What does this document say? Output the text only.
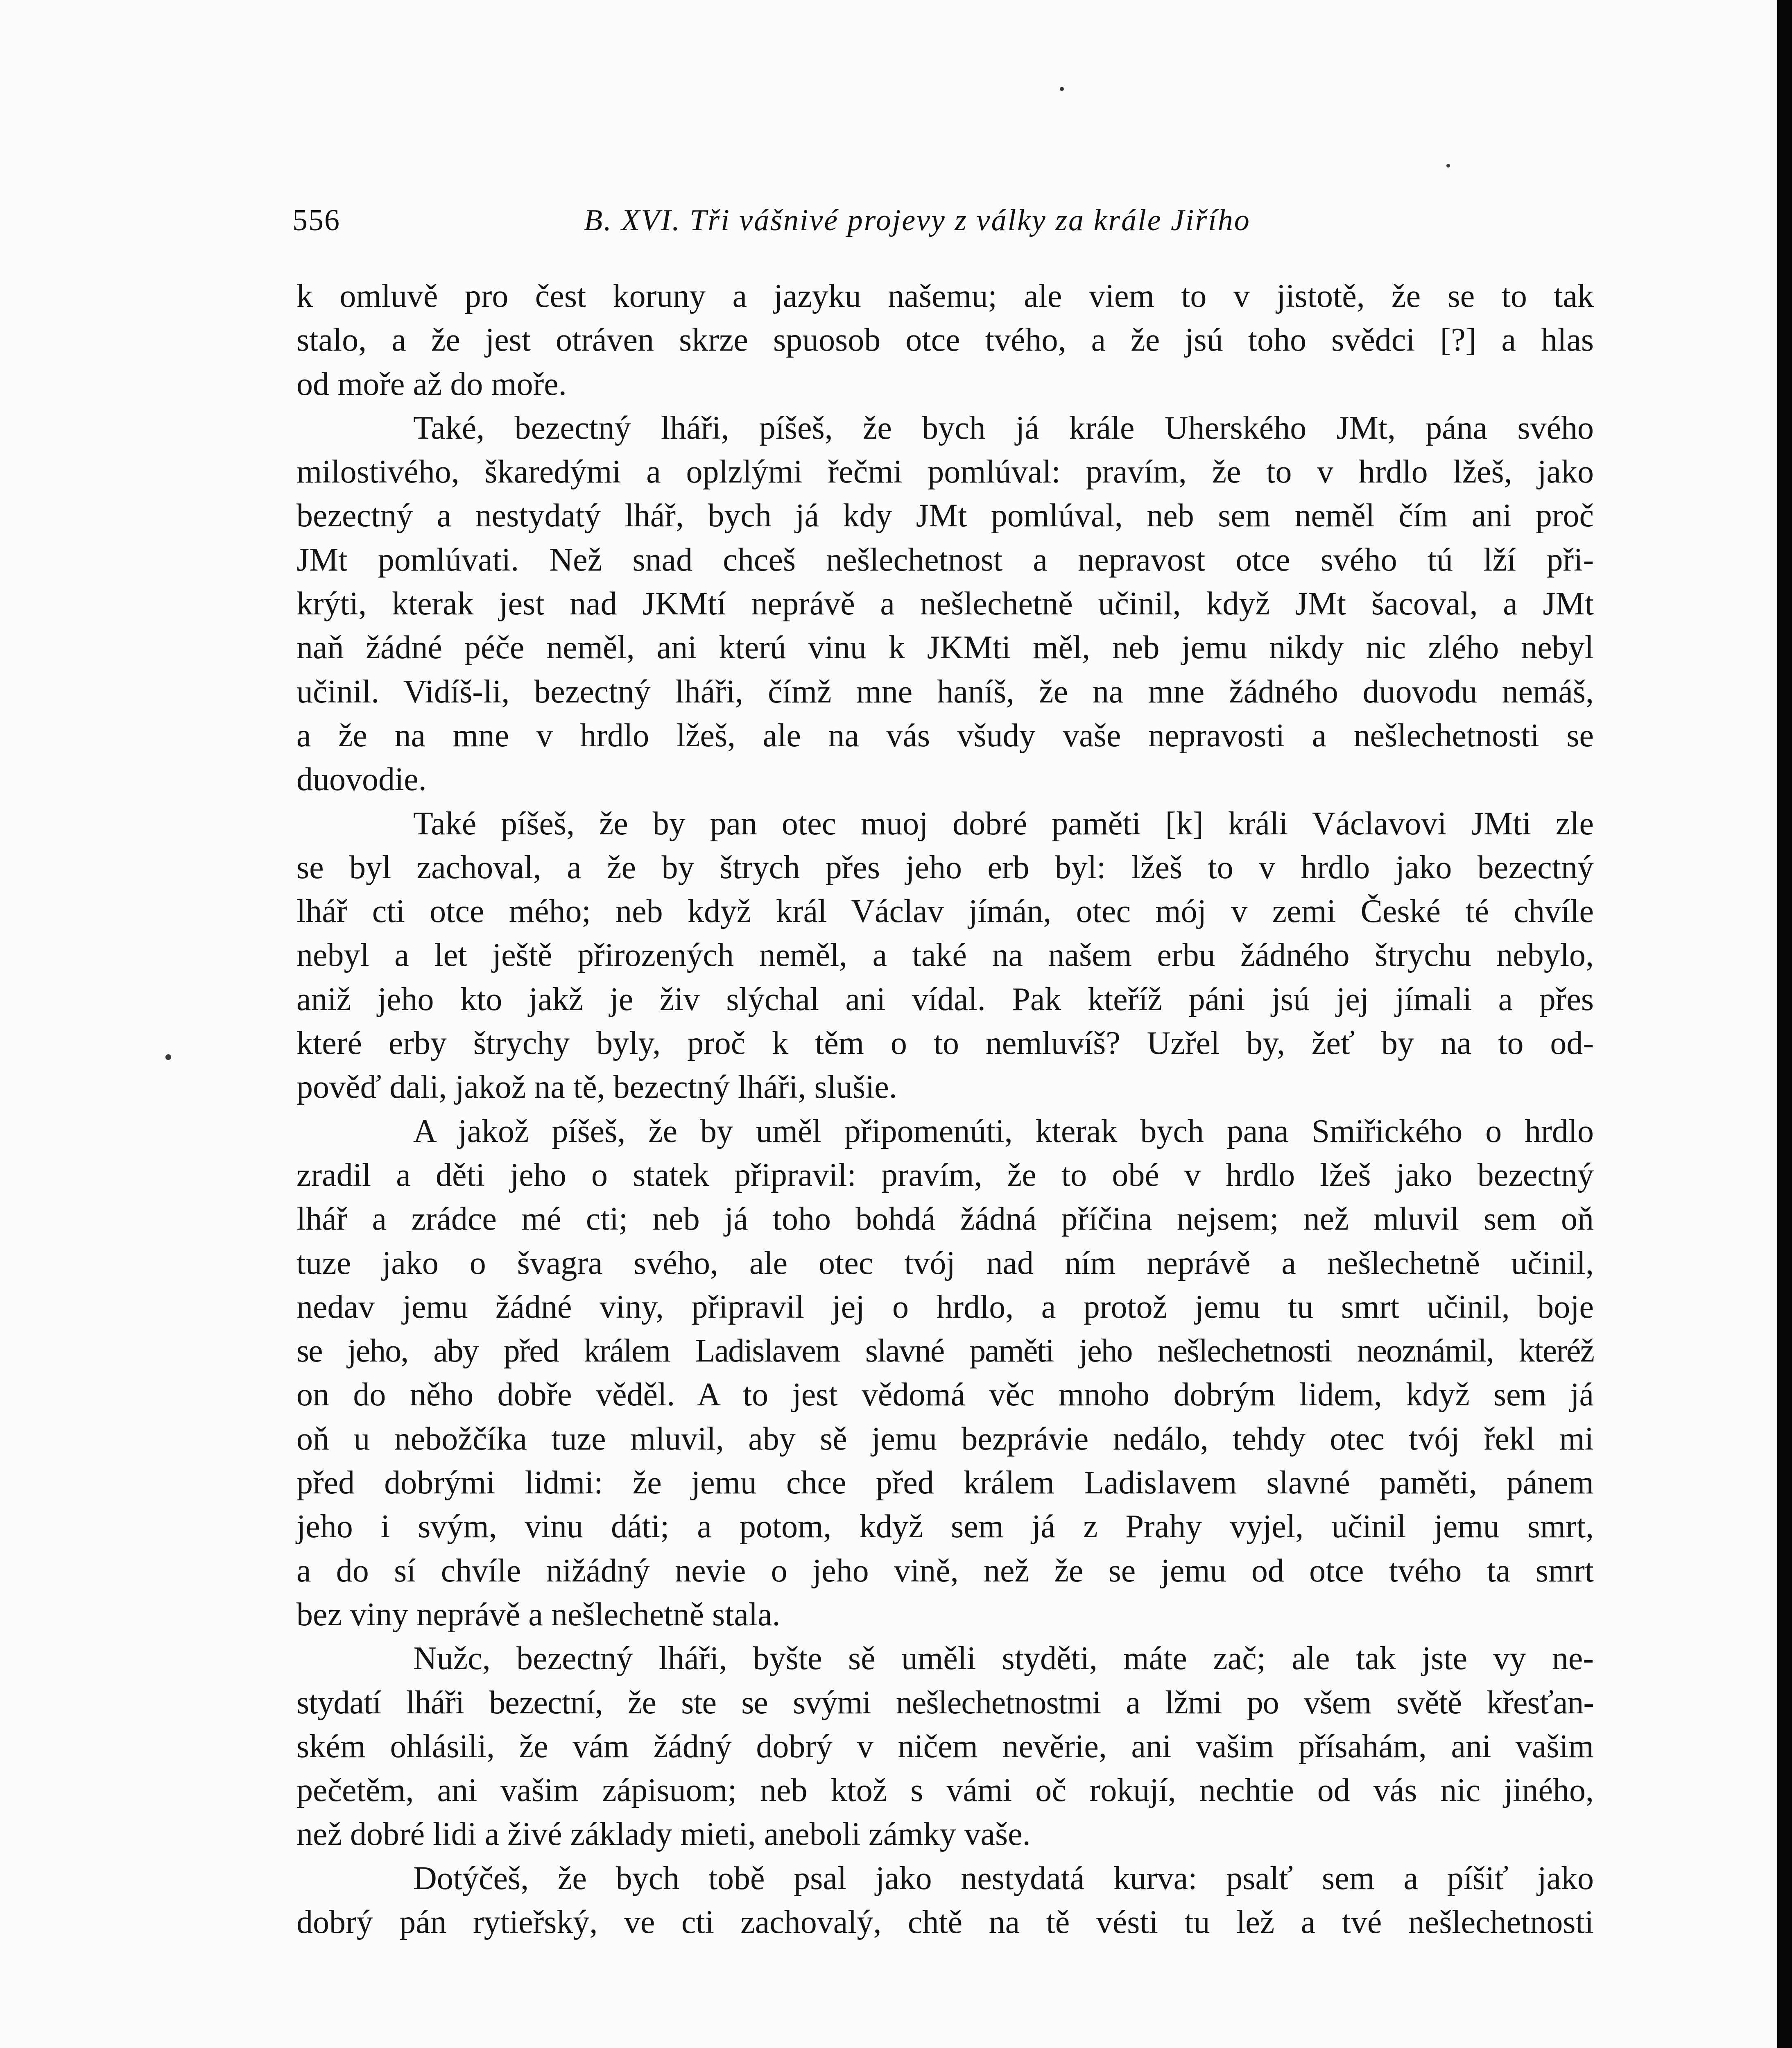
556	B. XVI. Tři vášnivé projevy z války za krále Jiřího
k omluvě pro čest koruny a jazyku našemu; ale viem to v jistotě, že se to tak
stalo, a že jest otráven skrze spuosob otce tvého, a že jsú toho svědci [?] a hlas
od moře až do moře.
Také, bezectný lháři, píšeš, že bych já krále Uherského JMt, pána svého
milostivého, škaredými a oplzlými řečmi pomlúval: pravím, že to v hrdlo lžeš, jako
bezectný a nestydatý lhář, bych já kdy JMt pomlúval, neb sem neměl čím ani proč
JMt pomlúvati. Než snad chceš nešlechetnost a nepravost otce svého tú lží při-
krýti, kterak jest nad JKMtí neprávě a nešlechetně učinil, když JMt šacoval, a JMt
naň žádné péče neměl, ani kterú vinu k JKMti měl, neb jemu nikdy nic zlého nebyl
učinil. Vidíš-li, bezectný lháři, čímž mne haníš, že na mne žádného duovodu nemáš,
a že na mne v hrdlo lžeš, ale na vás všudy vaše nepravosti a nešlechetnosti se
duovodie.
Také píšeš, že by pan otec muoj dobré paměti [k] králi Václavovi JMti zle
se byl zachoval, a že by štrych přes jeho erb byl: lžeš to v hrdlo jako bezectný
lhář cti otce mého; neb když král Václav jímán, otec mój v zemi České té chvíle
nebyl a let ještě přirozených neměl, a také na našem erbu žádného štrychu nebylo,
aniž jeho kto jakž je živ slýchal ani vídal. Pak kteříž páni jsú jej jímali a přes
které erby štrychy byly, proč k těm o to nemluvíš? Uzřel by, žeť by na to od-
pověď dali, jakož na tě, bezectný lháři, slušie.
A jakož píšeš, že by uměl připomenúti, kterak bych pana Smiřického o hrdlo
zradil a děti jeho o statek připravil: pravím, že to obé v hrdlo lžeš jako bezectný
lhář a zrádce mé cti; neb já toho bohdá žádná příčina nejsem; než mluvil sem oň
tuze jako o švagra svého, ale otec tvój nad ním neprávě a nešlechetně učinil,
nedav jemu žádné viny, připravil jej o hrdlo, a protož jemu tu smrt učinil, boje
se jeho, aby před králem Ladislavem slavné paměti jeho nešlechetnosti neoznámil, kteréž
on do něho dobře věděl. A to jest vědomá věc mnoho dobrým lidem, když sem já
oň u nebožčíka tuze mluvil, aby sě jemu bezprávie nedálo, tehdy otec tvój řekl mi
před dobrými lidmi: že jemu chce před králem Ladislavem slavné paměti, pánem
jeho i svým, vinu dáti; a potom, když sem já z Prahy vyjel, učinil jemu smrt,
a do sí chvíle nižádný nevie o jeho vině, než že se jemu od otce tvého ta smrt
bez viny neprávě a nešlechetně stala.
Nužc, bezectný lháři, byšte sě uměli styděti, máte zač; ale tak jste vy ne-
stydatí lháři bezectní, že ste se svými nešlechetnostmi a lžmi po všem světě křesťan-
ském ohlásili, že vám žádný dobrý v ničem nevěrie, ani vašim přísahám, ani vašim
pečetěm, ani vašim zápisuom; neb ktož s vámi oč rokují, nechtie od vás nic jiného,
než dobré lidi a živé základy mieti, aneboli zámky vaše.
Dotýčeš, že bych tobě psal jako nestydatá kurva: psalť sem a píšiť jako
dobrý pán rytieřský, ve cti zachovalý, chtě na tě vésti tu lež a tvé nešlechetnosti
